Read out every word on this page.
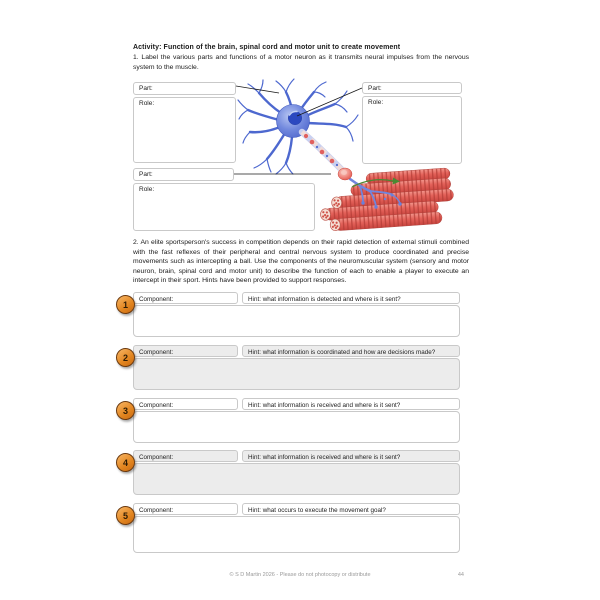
Activity: Function of the brain, spinal cord and motor unit to create movement
1. Label the various parts and functions of a motor neuron as it transmits neural impulses from the nervous system to the muscle.
Part:
Role:
Part:
Role:
Part:
Role:
2. An elite sportsperson's success in competition depends on their rapid detection of external stimuli combined with the fast reflexes of their peripheral and central nervous system to produce coordinated and precise movements such as intercepting a ball. Use the components of the neuromuscular system (sensory and motor neuron, brain, spinal cord and motor unit) to describe the function of each to enable a player to execute an intercept in their sport. Hints have been provided to support responses.
1
Component:	Hint: what information is detected and where is it sent?
2
Component:	Hint: what information is coordinated and how are decisions made?
3
Component:	Hint: what information is received and where is it sent?
4
Component:	Hint: what information is received and where is it sent?
5
Component:	Hint: what occurs to execute the movement goal?
© S D Martin 2026 - Please do not photocopy or distribute	44
